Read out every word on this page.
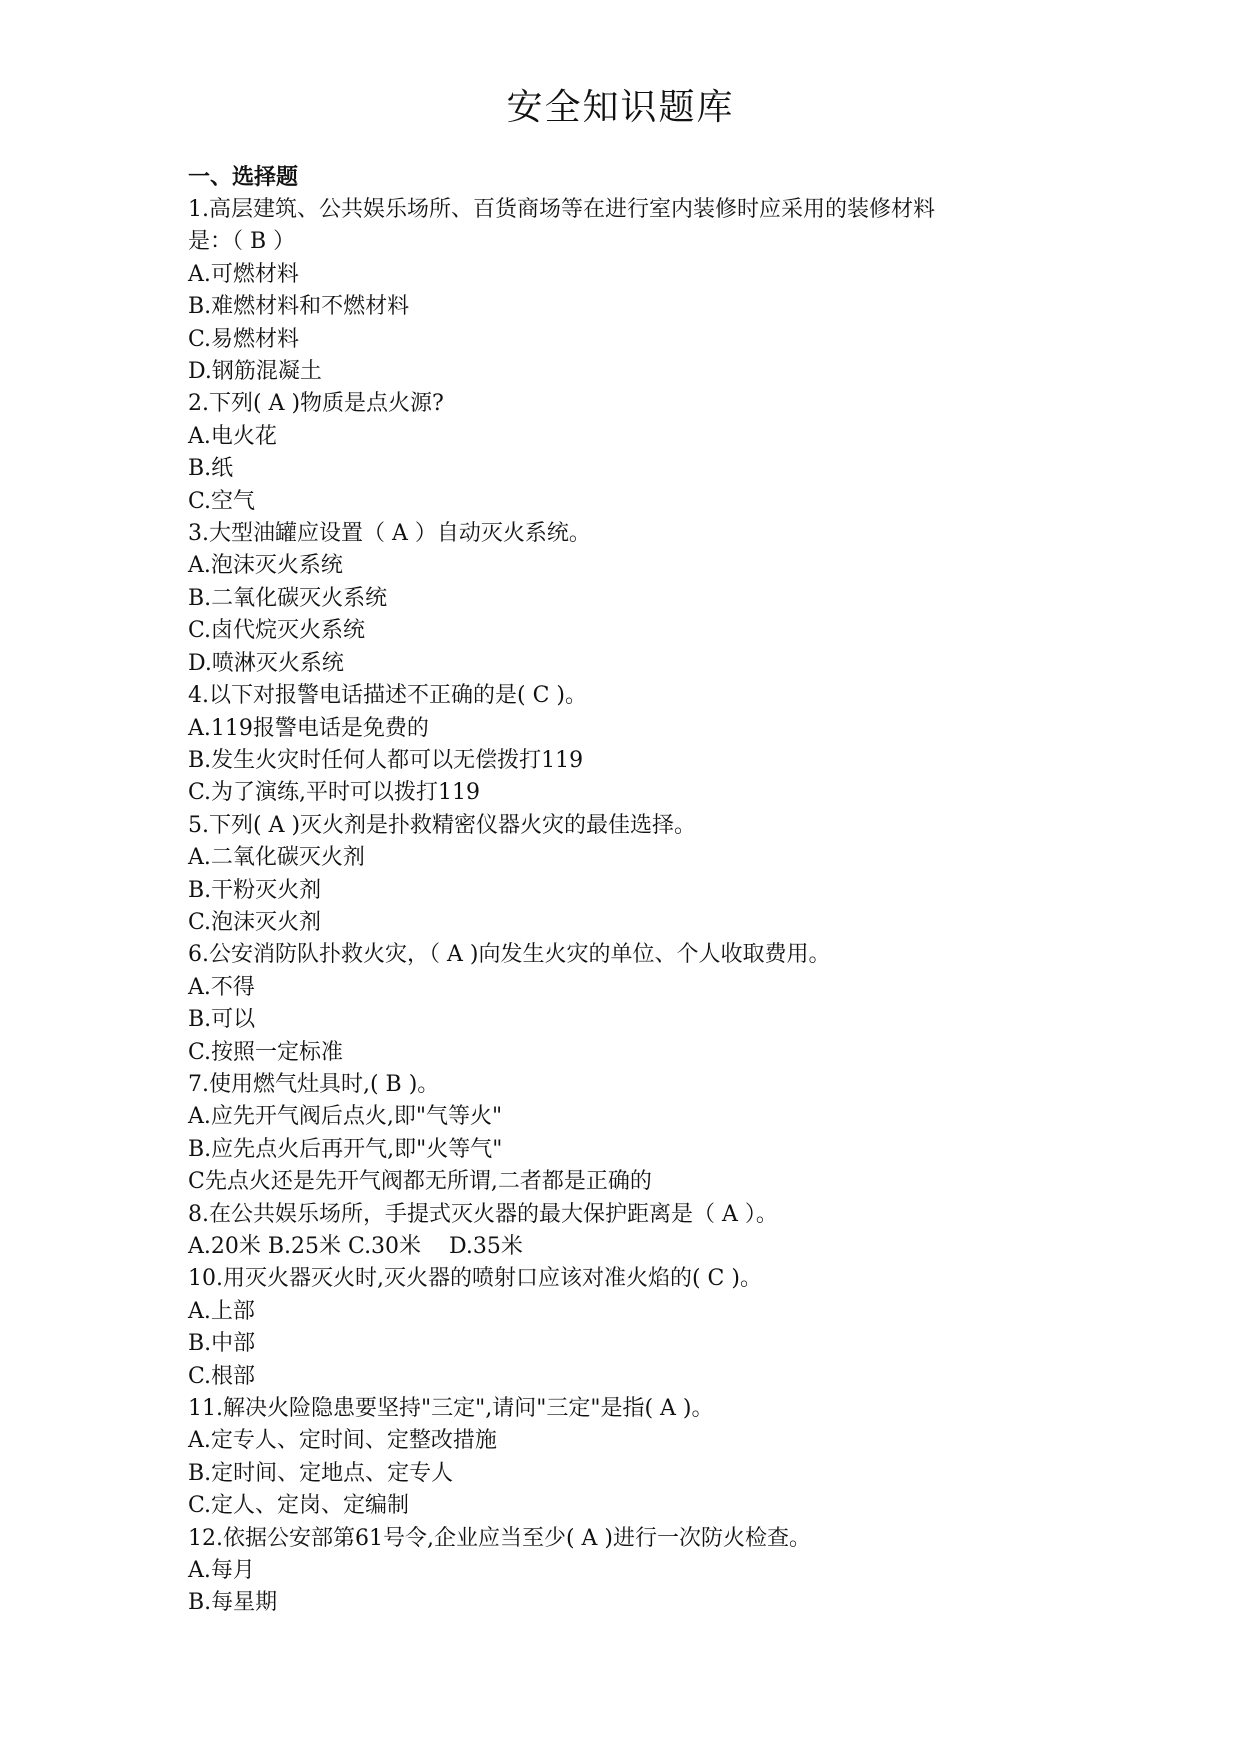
安全知识题库
一、选择题
1.高层建筑、公共娱乐场所、百货商场等在进行室内装修时应采用的装修材料
是：（ B ）
A.可燃材料
B.难燃材料和不燃材料
C.易燃材料
D.钢筋混凝土
2.下列( A )物质是点火源?
A.电火花
B.纸
C.空气
3.大型油罐应设置（ A ）自动灭火系统。
A.泡沫灭火系统
B.二氧化碳灭火系统
C.卤代烷灭火系统
D.喷淋灭火系统
4.以下对报警电话描述不正确的是( C )。
A.119报警电话是免费的
B.发生火灾时任何人都可以无偿拨打119
C.为了演练,平时可以拨打119
5.下列( A )灭火剂是扑救精密仪器火灾的最佳选择。
A.二氧化碳灭火剂
B.干粉灭火剂
C.泡沫灭火剂
6.公安消防队扑救火灾，（ A )向发生火灾的单位、个人收取费用。
A.不得
B.可以
C.按照一定标准
7.使用燃气灶具时,( B )。
A.应先开气阀后点火,即"气等火"
B.应先点火后再开气,即"火等气"
C先点火还是先开气阀都无所谓,二者都是正确的
8.在公共娱乐场所，手提式灭火器的最大保护距离是（ A ）。
A.20米 B.25米 C.30米    D.35米
10.用灭火器灭火时,灭火器的喷射口应该对准火焰的( C )。
A.上部
B.中部
C.根部
11.解决火险隐患要坚持"三定",请问"三定"是指( A )。
A.定专人、定时间、定整改措施
B.定时间、定地点、定专人
C.定人、定岗、定编制
12.依据公安部第61号令,企业应当至少( A )进行一次防火检查。
A.每月
B.每星期
